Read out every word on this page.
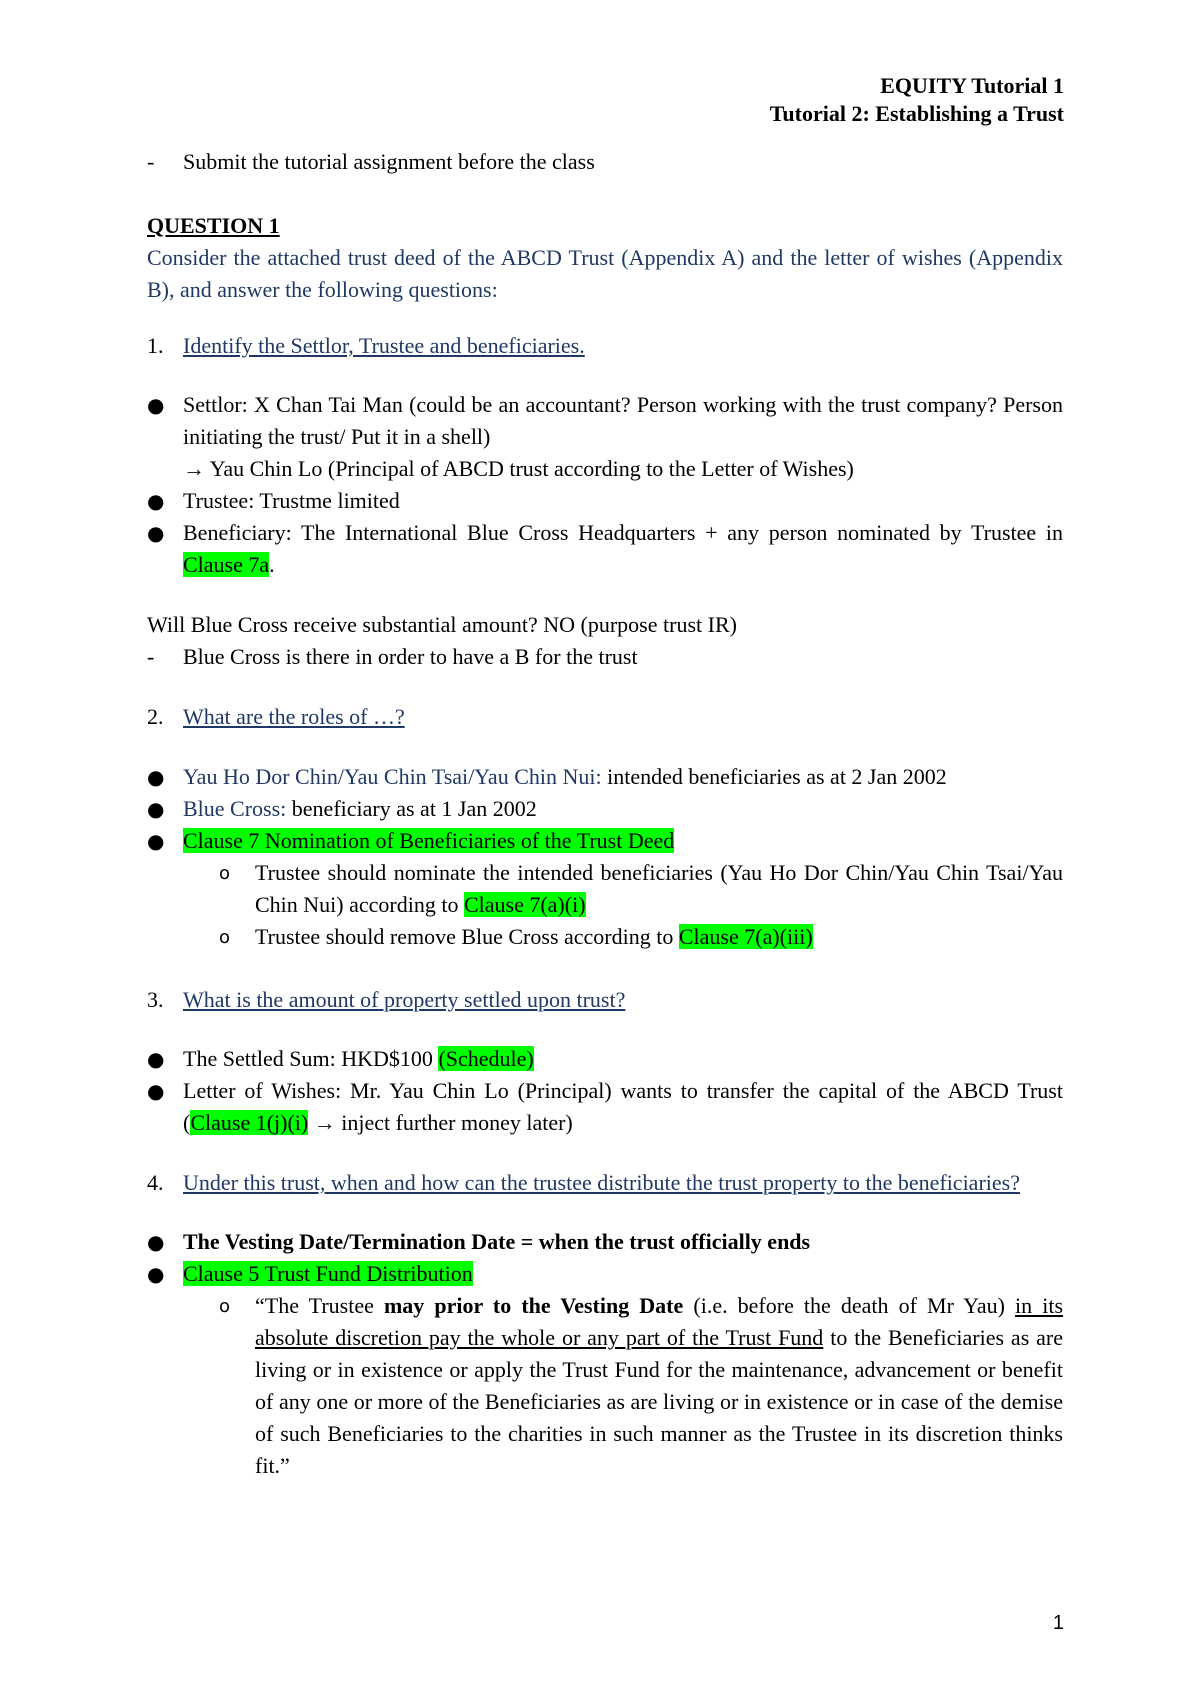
EQUITY Tutorial 1
Tutorial 2: Establishing a Trust
-	Submit the tutorial assignment before the class

QUESTION 1

Consider the attached trust deed of the ABCD Trust (Appendix A) and the letter of wishes (Appendix B), and answer the following questions:

1. Identify the Settlor, Trustee and beneficiaries.
● Settlor: X Chan Tai Man (could be an accountant? Person working with the trust company? Person initiating the trust/ Put it in a shell)
→ Yau Chin Lo (Principal of ABCD trust according to the Letter of Wishes)
● Trustee: Trustme limited
● Beneficiary: The International Blue Cross Headquarters + any person nominated by Trustee in Clause 7a.

Will Blue Cross receive substantial amount? NO (purpose trust IR)

-	Blue Cross is there in order to have a B for the trust
2. What are the roles of …?
● Yau Ho Dor Chin/Yau Chin Tsai/Yau Chin Nui: intended beneficiaries as at 2 Jan 2002
● Blue Cross: beneficiary as at 1 Jan 2002
● Clause 7 Nomination of Beneficiaries of the Trust Deed
o	Trustee should nominate the intended beneficiaries (Yau Ho Dor Chin/Yau Chin Tsai/Yau Chin Nui) according to Clause 7(a)(i)
o	Trustee should remove Blue Cross according to Clause 7(a)(iii)
3. What is the amount of property settled upon trust?
● The Settled Sum: HKD$100 (Schedule)
● Letter of Wishes: Mr. Yau Chin Lo (Principal) wants to transfer the capital of the ABCD Trust (Clause 1(j)(i) → inject further money later)
4. Under this trust, when and how can the trustee distribute the trust property to the beneficiaries?
● The Vesting Date/Termination Date = when the trust officially ends
● Clause 5 Trust Fund Distribution
o	“The Trustee may prior to the Vesting Date (i.e. before the death of Mr Yau) in its absolute discretion pay the whole or any part of the Trust Fund to the Beneficiaries as are living or in existence or apply the Trust Fund for the maintenance, advancement or benefit of any one or more of the Beneficiaries as are living or in existence or in case of the demise of such Beneficiaries to the charities in such manner as the Trustee in its discretion thinks fit.”
1
